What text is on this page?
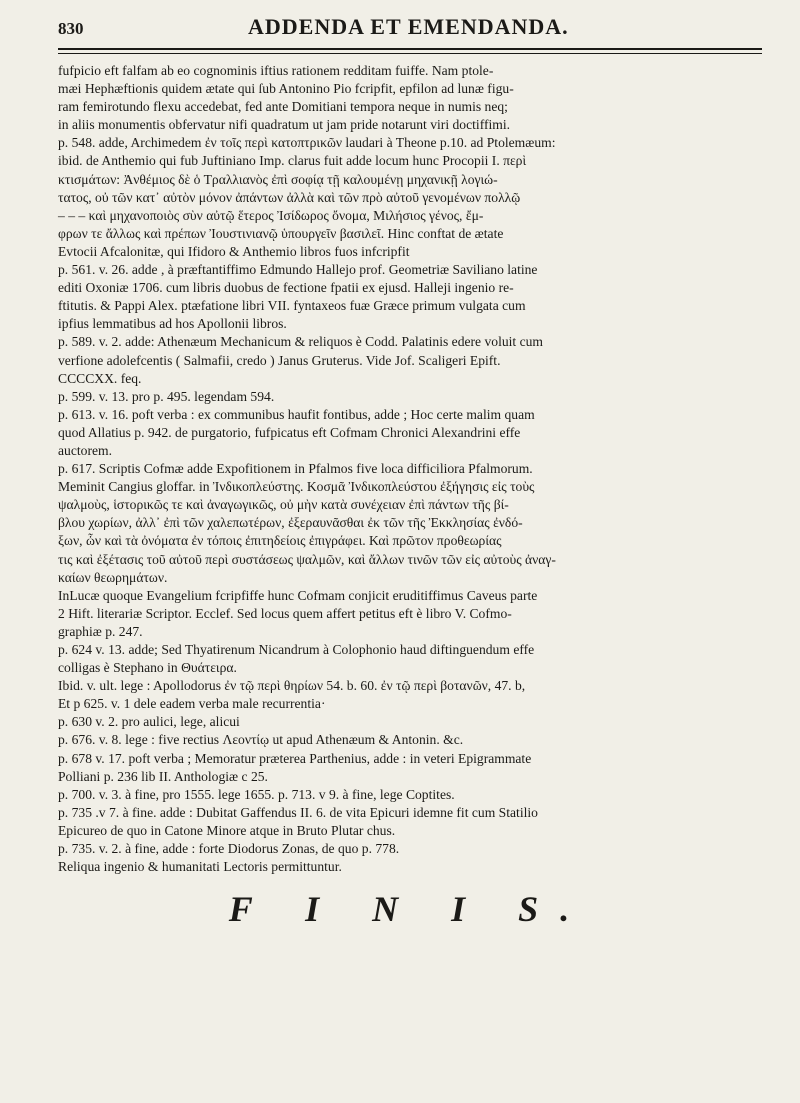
830	ADDENDA ET EMENDANDA.

fufpicio eft falfam ab eo cognominis iftius rationem redditam fuiffe. Nam ptole-

mæi Hephæftionis quidem ætate qui ſub Antonino Pio fcripfit, epfilon ad lunæ figu-

ram femirotundo flexu accedebat, fed ante Domitiani tempora neque in numis neq;

in aliis monumentis obfervatur nifi quadratum ut jam pride notarunt viri doctiffimi.

p. 548. adde, Archimedem ἐν τοῖς περὶ κατοπτρικῶν laudari à Theone p.10. ad Ptolemæum:

ibid. de Anthemio qui fub Juftiniano Imp. clarus fuit adde locum hunc Procopii I. περὶ

κτισμάτων: Ἀνθέμιος δὲ ὁ Τραλλιανὸς ἐπὶ σοφίᾳ τῇ καλουμένῃ μηχανικῇ λογιώ-

τατος, οὐ τῶν κατ᾽ αὐτὸν μόνον ἀπάντων ἀλλὰ καὶ τῶν πρὸ αὐτοῦ γενομένων πολλῷ

– – – καὶ μηχανοποιὸς σὺν αὐτῷ ἕτερος Ἰσίδωρος ὄνομα, Μιλήσιος γένος, ἔμ-

φρων τε ἄλλως καὶ πρέπων Ἰουστινιανῷ ὑπουργεῖν βασιλεῖ. Hinc conftat de ætate

Evtocii Afcalonitæ, qui Ifidoro & Anthemio libros fuos infcripfit

p. 561. v. 26. adde , à præftantiffimo Edmundo Hallejo prof. Geometriæ Saviliano latine

editi Oxoniæ 1706. cum libris duobus de fectione fpatii ex ejusd. Halleji ingenio re-

ftitutis. & Pappi Alex. ptæfatione libri VII. fyntaxeos fuæ Græce primum vulgata cum

ipfius lemmatibus ad hos Apollonii libros.

p. 589. v. 2. adde: Athenæum Mechanicum & reliquos è Codd. Palatinis edere voluit cum

verfione adolefcentis ( Salmafii, credo ) Janus Gruterus. Vide Jof. Scaligeri Epift.

CCCCXX. feq.

p. 599. v. 13. pro p. 495. legendam 594.

p. 613. v. 16. poft verba : ex communibus haufit fontibus, adde ; Hoc certe malim quam

quod Allatius p. 942. de purgatorio, fufpicatus eft Cofmam Chronici Alexandrini effe

auctorem.

p. 617. Scriptis Cofmæ adde Expofitionem in Pfalmos five loca difficiliora Pfalmorum.

Meminit Cangius gloffar. in Ἰνδικοπλεύστης. Κοσμᾶ Ἰνδικοπλεύστου ἐξήγησις εἰς τοὺς

ψαλμοὺς, ἱστορικῶς τε καὶ ἀναγωγικῶς, οὐ μὴν κατὰ συνέχειαν ἐπὶ πάντων τῆς βί-

βλου χωρίων, ἀλλ᾽ ἐπὶ τῶν χαλεπωτέρων, ἐξεραυνᾶσθαι ἐκ τῶν τῆς Ἐκκλησίας ἐνδό-

ξων, ὧν καὶ τὰ ὀνόματα ἐν τόποις ἐπιτηδείοις ἐπιγράφει. Καὶ πρῶτον προθεωρίας

τις καὶ ἐξέτασις τοῦ αὐτοῦ περὶ συστάσεως ψαλμῶν, καὶ ἄλλων τινῶν τῶν εἰς αὐτοὺς ἀναγ-

καίων θεωρημάτων.

InLucæ quoque Evangelium fcripfiffe hunc Cofmam conjicit eruditiffimus Caveus parte

2 Hift. literariæ Scriptor. Ecclef. Sed locus quem affert petitus eft è libro V. Cofmo-

graphiæ p. 247.

p. 624 v. 13. adde; Sed Thyatirenum Nicandrum à Colophonio haud diftinguendum effe

colligas è Stephano in Θυάτειρα.

Ibid. v. ult. lege : Apollodorus ἐν τῷ περὶ θηρίων 54. b. 60. ἐν τῷ περὶ βοτανῶν, 47. b,

Et p 625. v. 1 dele eadem verba male recurrentia·

p. 630 v. 2. pro aulici, lege, alicui

p. 676. v. 8. lege : five rectius Λεοντίῳ ut apud Athenæum & Antonin. &c.

p. 678 v. 17. poft verba ; Memoratur præterea Parthenius, adde : in veteri Epigrammate

Polliani p. 236 lib II. Anthologiæ c 25.

p. 700. v. 3. à fine, pro 1555. lege 1655. p. 713. v 9. à fine, lege Coptites.

p. 735 .v 7. à fine. adde : Dubitat Gaffendus II. 6. de vita Epicuri idemne fit cum Statilio

Epicureo de quo in Catone Minore atque in Bruto Plutar chus.

p. 735. v. 2. à fine, adde : forte Diodorus Zonas, de quo p. 778.

Reliqua ingenio & humanitati Lectoris permittuntur.

F I N I S.
